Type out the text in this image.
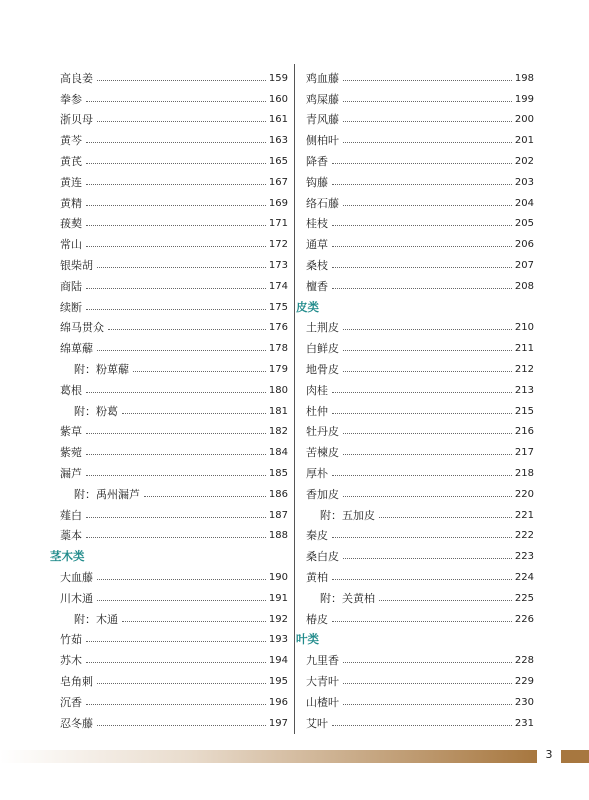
高良姜	159
拳参	160
浙贝母	161
黄芩	163
黄芪	165
黄连	167
黄精	169
菝葜	171
常山	172
银柴胡	173
商陆	174
续断	175
绵马贯众	176
绵萆薢	178
附：粉萆薢	179
葛根	180
附：粉葛	181
紫草	182
紫菀	184
漏芦	185
附：禹州漏芦	186
薤白	187
藁本	188
茎木类
大血藤	190
川木通	191
附：木通	192
竹茹	193
苏木	194
皂角刺	195
沉香	196
忍冬藤	197
鸡血藤	198
鸡屎藤	199
青风藤	200
侧柏叶	201
降香	202
钩藤	203
络石藤	204
桂枝	205
通草	206
桑枝	207
檀香	208
皮类
土荆皮	210
白鲜皮	211
地骨皮	212
肉桂	213
杜仲	215
牡丹皮	216
苦楝皮	217
厚朴	218
香加皮	220
附：五加皮	221
秦皮	222
桑白皮	223
黄柏	224
附：关黄柏	225
椿皮	226
叶类
九里香	228
大青叶	229
山楂叶	230
艾叶	231
3
